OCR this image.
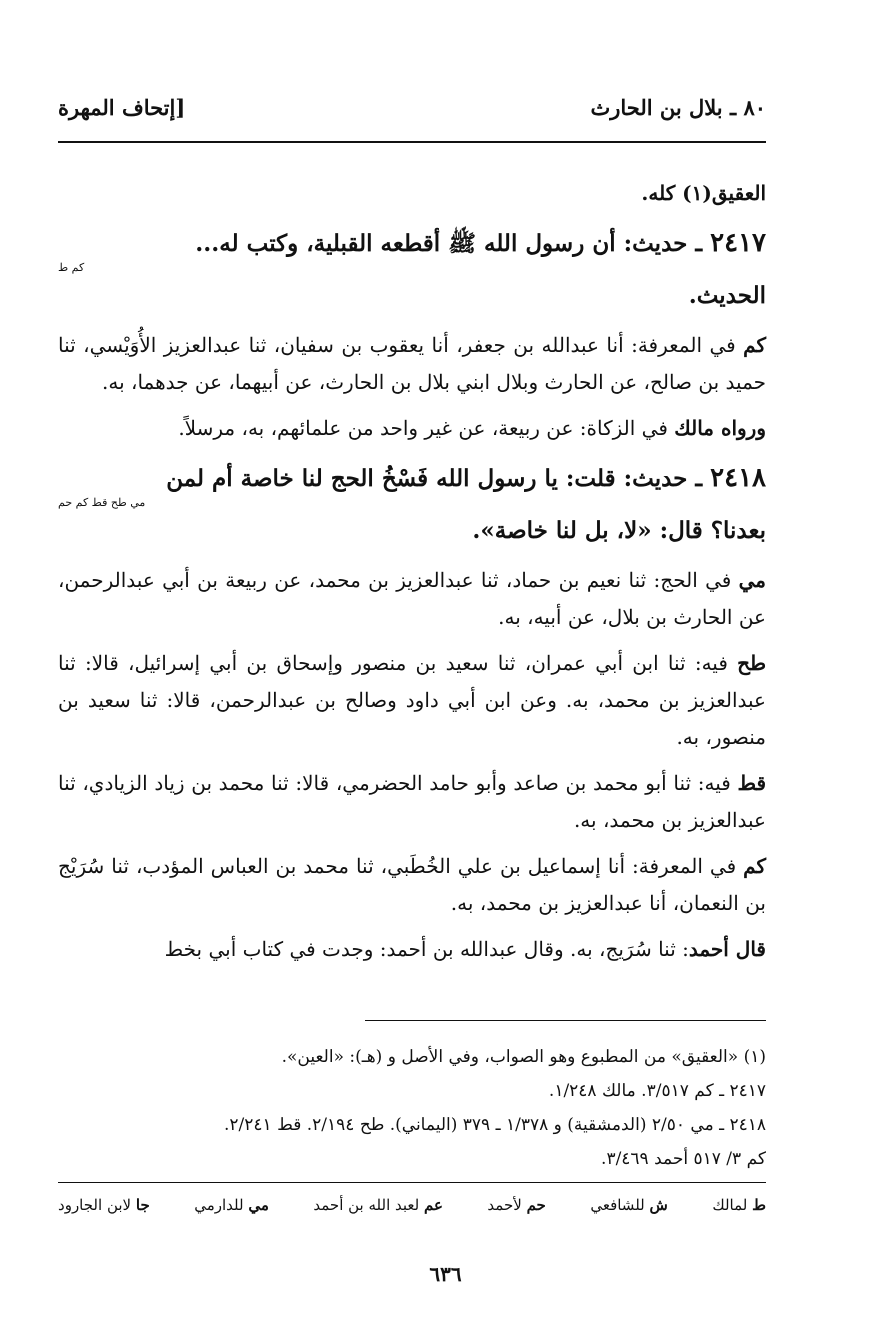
٨٠ ـ بلال بن الحارث
[إتحاف المهرة

العقيق(١) كله.

٢٤١٧ ـ حديث: أن رسول الله ﷺ أقطعه القبلية، وكتب له...
كم ط
الحديث.

كم في المعرفة: أنا عبدالله بن جعفر، أنا يعقوب بن سفيان، ثنا عبدالعزيز الأُوَيْسي، ثنا حميد بن صالح، عن الحارث وبلال ابني بلال بن الحارث، عن أبيهما، عن جدهما، به.

ورواه مالك في الزكاة: عن ربيعة، عن غير واحد من علمائهم، به، مرسلاً.

٢٤١٨ ـ حديث: قلت: يا رسول الله فَسْخُ الحج لنا خاصة أم لمن
مي طح قط كم حم
بعدنا؟ قال: «لا، بل لنا خاصة».

مي في الحج: ثنا نعيم بن حماد، ثنا عبدالعزيز بن محمد، عن ربيعة بن أبي عبدالرحمن، عن الحارث بن بلال، عن أبيه، به.

طح فيه: ثنا ابن أبي عمران، ثنا سعيد بن منصور وإسحاق بن أبي إسرائيل، قالا: ثنا عبدالعزيز بن محمد، به. وعن ابن أبي داود وصالح بن عبدالرحمن، قالا: ثنا سعيد بن منصور، به.

قط فيه: ثنا أبو محمد بن صاعد وأبو حامد الحضرمي، قالا: ثنا محمد بن زياد الزيادي، ثنا عبدالعزيز بن محمد، به.

كم في المعرفة: أنا إسماعيل بن علي الخُطَبي، ثنا محمد بن العباس المؤدب، ثنا سُرَيْج بن النعمان، أنا عبدالعزيز بن محمد، به.

قال أحمد: ثنا سُرَيج، به. وقال عبدالله بن أحمد: وجدت في كتاب أبي بخط

(١) «العقيق» من المطبوع وهو الصواب، وفي الأصل و (هـ): «العين».

٢٤١٧ ـ كم ٣/٥١٧. مالك ١/٢٤٨.

٢٤١٨ ـ مي ٢/٥٠ (الدمشقية) و ١/٣٧٨ ـ ٣٧٩ (اليماني). طح ٢/١٩٤. قط ٢/٢٤١.

كم ٣/ ٥١٧ أحمد ٣/٤٦٩.

ط لمالك
ش للشافعي
حم لأحمد
عم لعبد الله بن أحمد
مي للدارمي
جا لابن الجارود
٦٣٦
